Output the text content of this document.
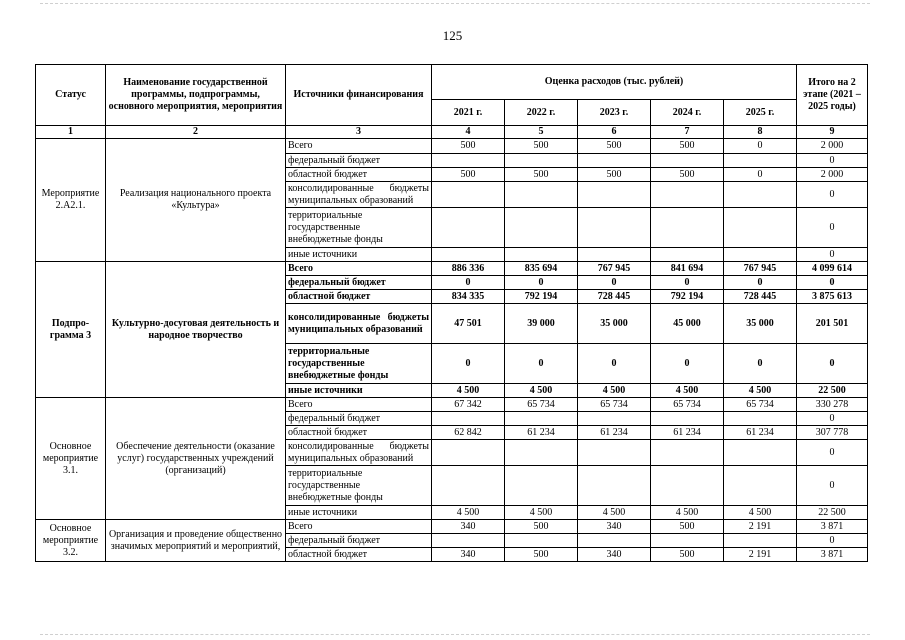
125
Статус	Наименование государственной программы, подпрограммы, основного мероприятия, мероприятия	Источники финансирования	Оценка расходов (тыс. рублей)					Итого на 2 этапе (2021 – 2025 годы)
			2021 г.	2022 г.	2023 г.	2024 г.	2025 г.	
1	2	3	4	5	6	7	8	9
Мероприятие 2.А2.1.	Реализация национального проекта «Культура»	Всего	500	500	500	500	0	2 000
		федеральный бюджет						0
		областной бюджет	500	500	500	500	0	2 000
		консолидированные бюджеты муниципальных образований						0

		территориальные государственные внебюджетные фонды						0
		иные источники						0
Подпро-грамма 3	Культурно-досуговая деятельность и народное творчество	Всего	886 336	835 694	767 945	841 694	767 945	4 099 614
		федеральный бюджет	0	0	0	0	0	0
		областной бюджет	834 335	792 194	728 445	792 194	728 445	3 875 613
		консолидированные бюджеты муниципальных образований	47 501	39 000	35 000	45 000	35 000	201 501

		территориальные государственные внебюджетные фонды	0	0	0	0	0	0
		иные источники	4 500	4 500	4 500	4 500	4 500	22 500
Основное мероприятие 3.1.	Обеспечение деятельности (оказание услуг) государственных учреждений (организаций)	Всего	67 342	65 734	65 734	65 734	65 734	330 278
		федеральный бюджет						0
		областной бюджет	62 842	61 234	61 234	61 234	61 234	307 778
		консолидированные бюджеты муниципальных образований						0

		территориальные государственные внебюджетные фонды						0
		иные источники	4 500	4 500	4 500	4 500	4 500	22 500
Основное мероприятие 3.2.	Организация и проведение общественно значимых мероприятий и мероприятий,	Всего	340	500	340	500	2 191	3 871
		федеральный бюджет						0
		областной бюджет	340	500	340	500	2 191	3 871
